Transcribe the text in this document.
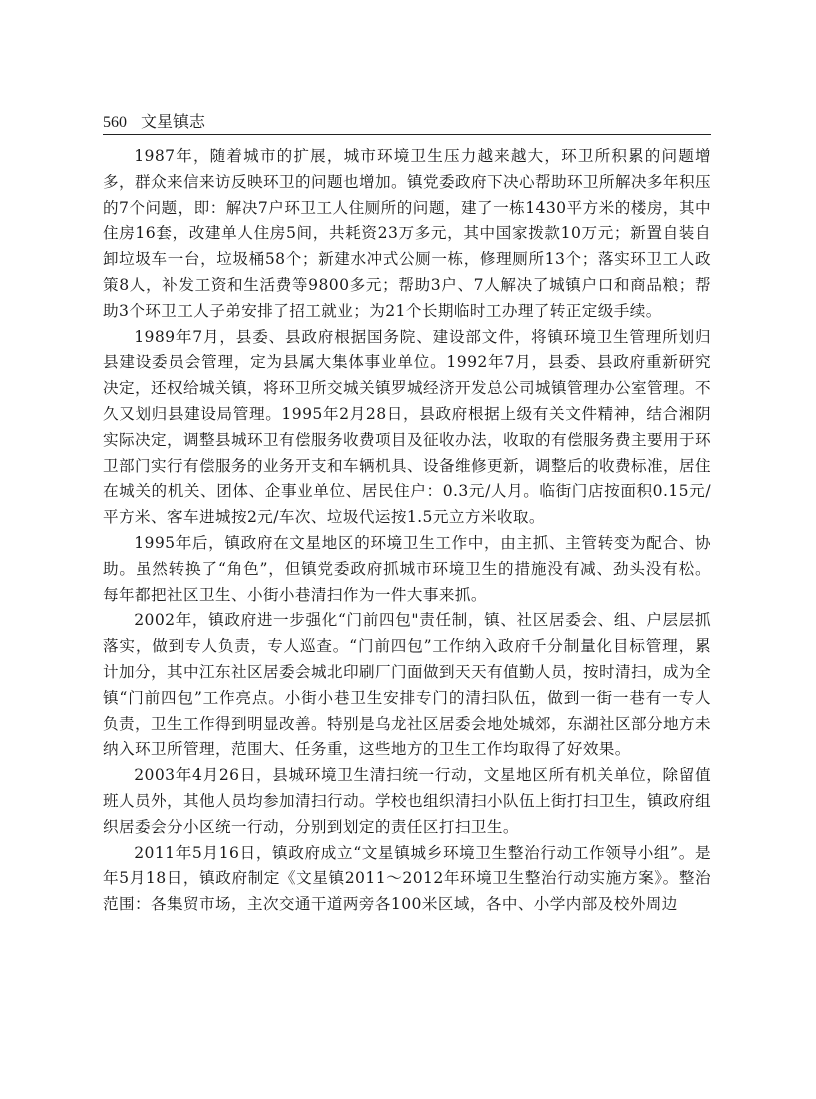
560 文星镇志

1987年，随着城市的扩展，城市环境卫生压力越来越大，环卫所积累的问题增多，群众来信来访反映环卫的问题也增加。镇党委政府下决心帮助环卫所解决多年积压的7个问题，即：解决7户环卫工人住厕所的问题，建了一栋1430平方米的楼房，其中住房16套，改建单人住房5间，共耗资23万多元，其中国家拨款10万元；新置自装自卸垃圾车一台，垃圾桶58个；新建水冲式公厕一栋，修理厕所13个；落实环卫工人政策8人，补发工资和生活费等9800多元；帮助3户、7人解决了城镇户口和商品粮；帮助3个环卫工人子弟安排了招工就业；为21个长期临时工办理了转正定级手续。

1989年7月，县委、县政府根据国务院、建设部文件，将镇环境卫生管理所划归县建设委员会管理，定为县属大集体事业单位。1992年7月，县委、县政府重新研究决定，还权给城关镇，将环卫所交城关镇罗城经济开发总公司城镇管理办公室管理。不久又划归县建设局管理。1995年2月28日，县政府根据上级有关文件精神，结合湘阴实际决定，调整县城环卫有偿服务收费项目及征收办法，收取的有偿服务费主要用于环卫部门实行有偿服务的业务开支和车辆机具、设备维修更新，调整后的收费标准，居住在城关的机关、团体、企事业单位、居民住户：0.3元/人月。临街门店按面积0.15元/平方米、客车进城按2元/车次、垃圾代运按1.5元立方米收取。

1995年后，镇政府在文星地区的环境卫生工作中，由主抓、主管转变为配合、协助。虽然转换了“角色”，但镇党委政府抓城市环境卫生的措施没有减、劲头没有松。每年都把社区卫生、小街小巷清扫作为一件大事来抓。

2002年，镇政府进一步强化“门前四包"责任制，镇、社区居委会、组、户层层抓落实，做到专人负责，专人巡查。“门前四包”工作纳入政府千分制量化目标管理，累计加分，其中江东社区居委会城北印刷厂门面做到天天有值勤人员，按时清扫，成为全镇“门前四包”工作亮点。小街小巷卫生安排专门的清扫队伍，做到一街一巷有一专人负责，卫生工作得到明显改善。特别是乌龙社区居委会地处城郊，东湖社区部分地方未纳入环卫所管理，范围大、任务重，这些地方的卫生工作均取得了好效果。

2003年4月26日，县城环境卫生清扫统一行动，文星地区所有机关单位，除留值班人员外，其他人员均参加清扫行动。学校也组织清扫小队伍上街打扫卫生，镇政府组织居委会分小区统一行动，分别到划定的责任区打扫卫生。

2011年5月16日，镇政府成立“文星镇城乡环境卫生整治行动工作领导小组”。是年5月18日，镇政府制定《文星镇2011～2012年环境卫生整治行动实施方案》。整治范围：各集贸市场，主次交通干道两旁各100米区域，各中、小学内部及校外周边
